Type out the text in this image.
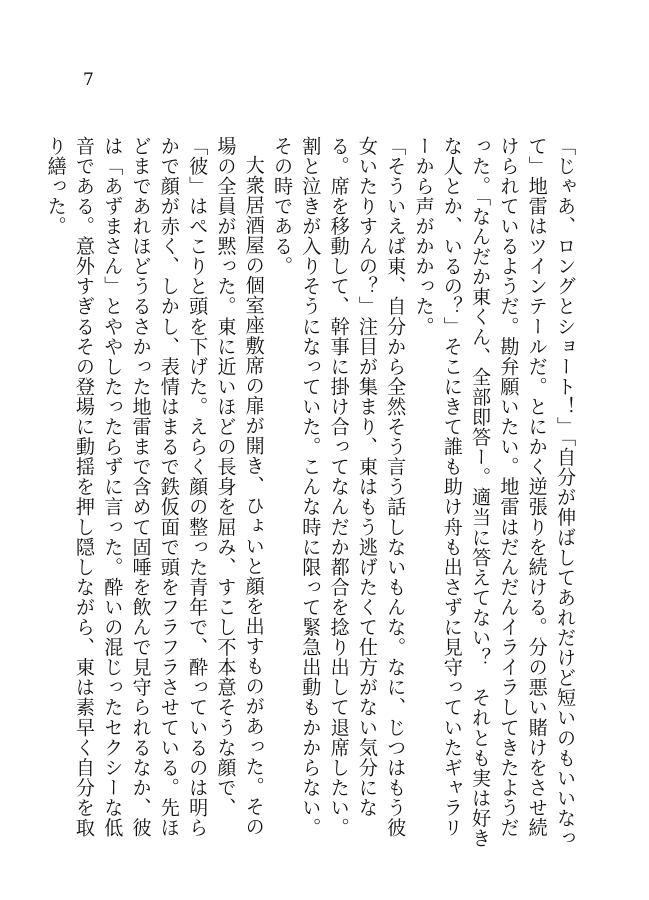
7

「じゃあ、ロングとショート！」「自分が伸ばしてあれだけど短いのもいいなって」地雷はツインテールだ。とにかく逆張りを続ける。分の悪い賭けをさせ続けられているようだ。勘弁願いたい。地雷はだんだんイライラしてきたようだった。「なんだか東くん、全部即答ー。適当に答えてない？　それとも実は好きな人とか、いるの？」そこにきて誰も助け舟も出さずに見守っていたギャラリーから声がかかった。

「そういえば東、自分から全然そう言う話しないもんな。なに、じつはもう彼女いたりすんの？」注目が集まり、東はもう逃げたくて仕方がない気分になる。席を移動して、幹事に掛け合ってなんだか都合を捻り出して退席したい。割と泣きが入りそうになっていた。こんな時に限って緊急出動もかからない。

その時である。

大衆居酒屋の個室座敷席の扉が開き、ひょいと顔を出すものがあった。その場の全員が黙った。東に近いほどの長身を屈み、すこし不本意そうな顔で、「彼」はぺこりと頭を下げた。えらく顔の整った青年で、酔っているのは明らかで顔が赤く、しかし、表情はまるで鉄仮面で頭をフラフラさせている。先ほどまであれほどうるさかった地雷まで含めて固唾を飲んで見守られるなか、彼は「あずまさん」とややしたったらずに言った。酔いの混じったセクシーな低音である。意外すぎるその登場に動揺を押し隠しながら、東は素早く自分を取り繕った。
